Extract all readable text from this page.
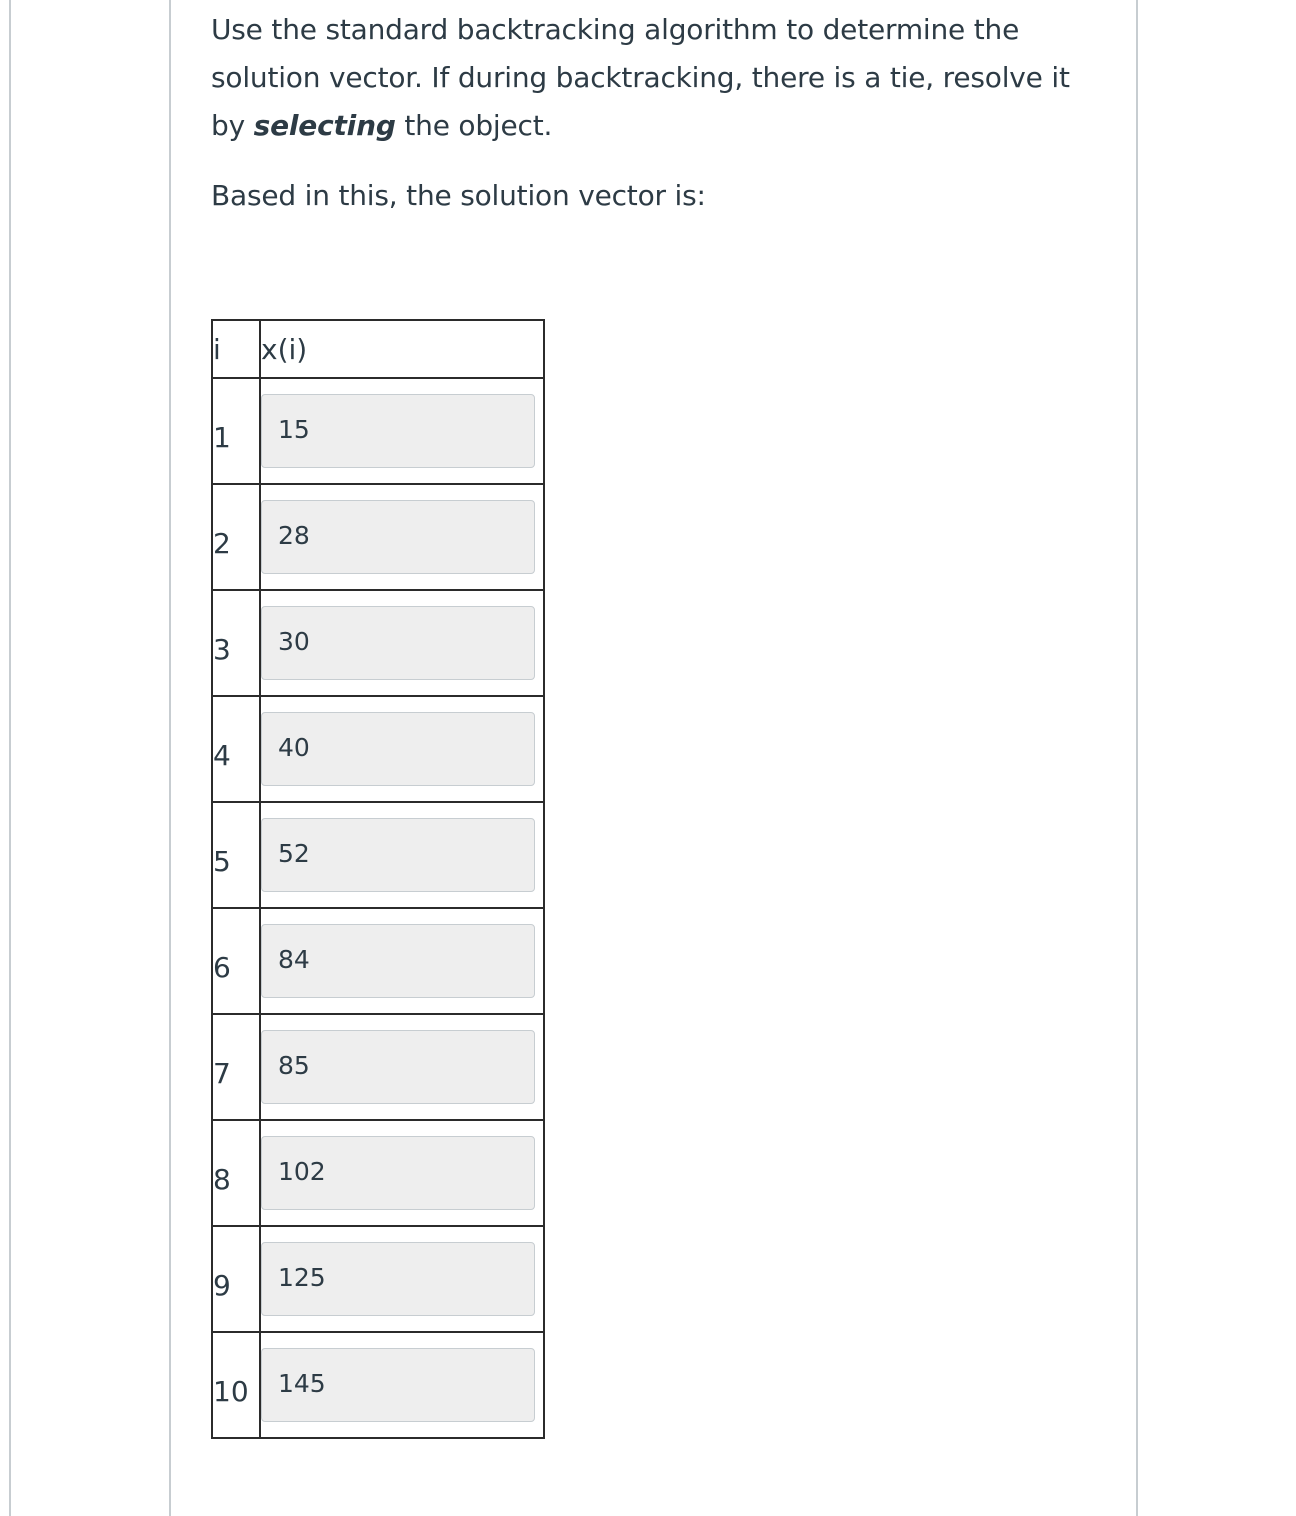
Use the standard backtracking algorithm to determine the solution vector. If during backtracking, there is a tie, resolve it by selecting the object.

Based in this, the solution vector is:

i	x(i)
1	15

2	28

3	30

4	40

5	52

6	84

7	85

8	102

9	125

10	145
